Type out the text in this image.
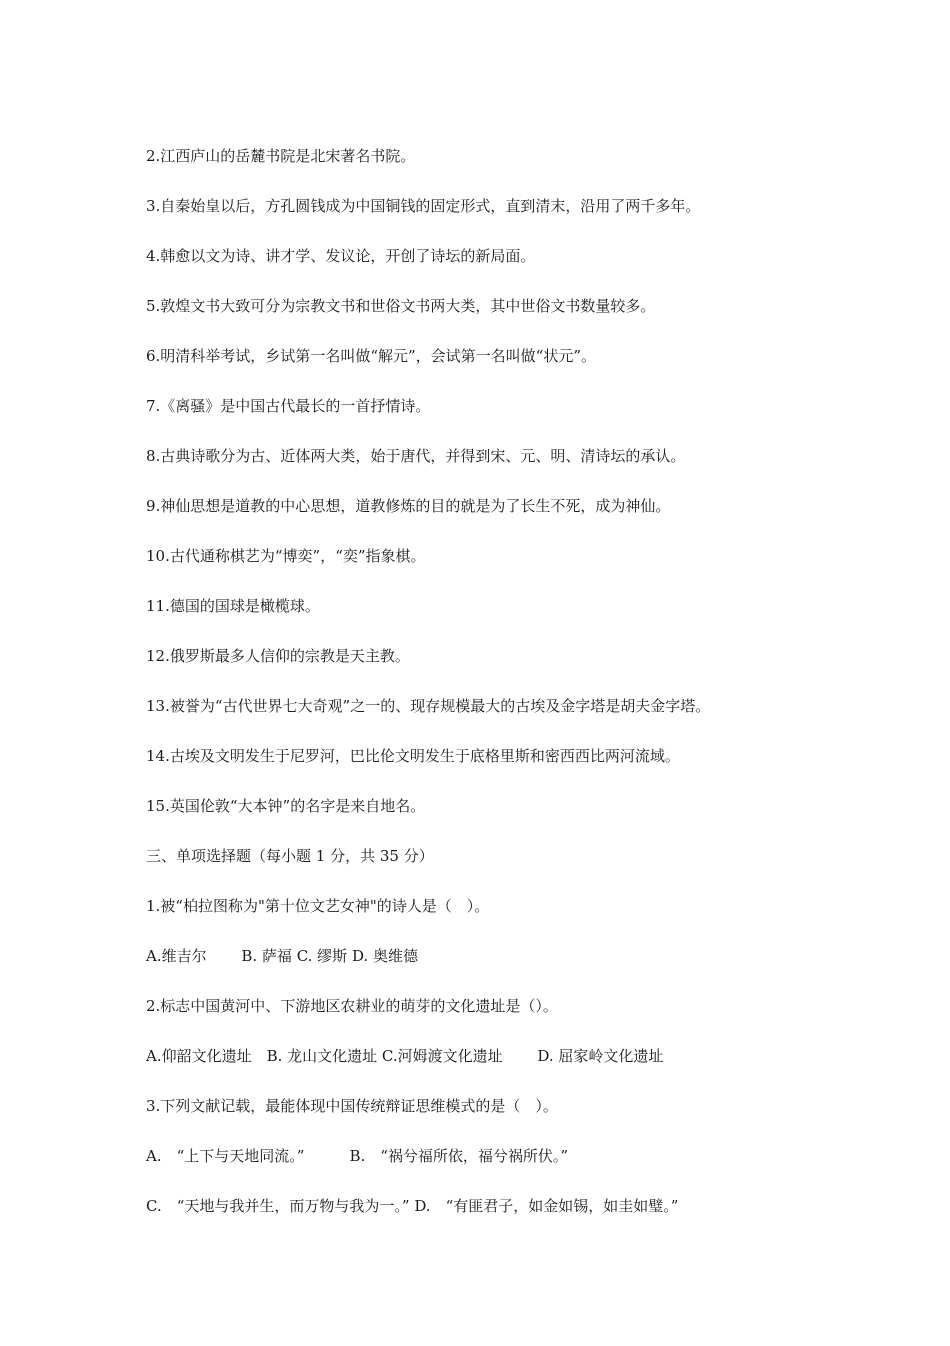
2.江西庐山的岳麓书院是北宋著名书院。

3.自秦始皇以后，方孔圆钱成为中国铜钱的固定形式，直到清末，沿用了两千多年。

4.韩愈以文为诗、讲才学、发议论，开创了诗坛的新局面。

5.敦煌文书大致可分为宗教文书和世俗文书两大类，其中世俗文书数量较多。

6.明清科举考试，乡试第一名叫做“解元”，会试第一名叫做“状元”。

7.《离骚》是中国古代最长的一首抒情诗。

8.古典诗歌分为古、近体两大类，始于唐代，并得到宋、元、明、清诗坛的承认。

9.神仙思想是道教的中心思想，道教修炼的目的就是为了长生不死，成为神仙。

10.古代通称棋艺为“博奕”，“奕”指象棋。

11.德国的国球是橄榄球。

12.俄罗斯最多人信仰的宗教是天主教。

13.被誉为“古代世界七大奇观”之一的、现存规模最大的古埃及金字塔是胡夫金字塔。

14.古埃及文明发生于尼罗河，巴比伦文明发生于底格里斯和密西西比两河流域。

15.英国伦敦“大本钟”的名字是来自地名。

三、单项选择题（每小题 1 分，共 35 分）

1.被“柏拉图称为"第十位文艺女神"的诗人是（　）。

A.维吉尔　　 B. 萨福 C. 缪斯 D. 奥维德

2.标志中国黄河中、下游地区农耕业的萌芽的文化遗址是（）。

A.仰韶文化遗址　B. 龙山文化遗址 C.河姆渡文化遗址　　 D. 屈家岭文化遗址

3.下列文献记载，最能体现中国传统辩证思维模式的是（　）。

A.　“上下与天地同流。”　　　B.　“祸兮福所依，福兮祸所伏。”

C.　“天地与我并生，而万物与我为一。” D.　“有匪君子，如金如锡，如圭如璧。”
